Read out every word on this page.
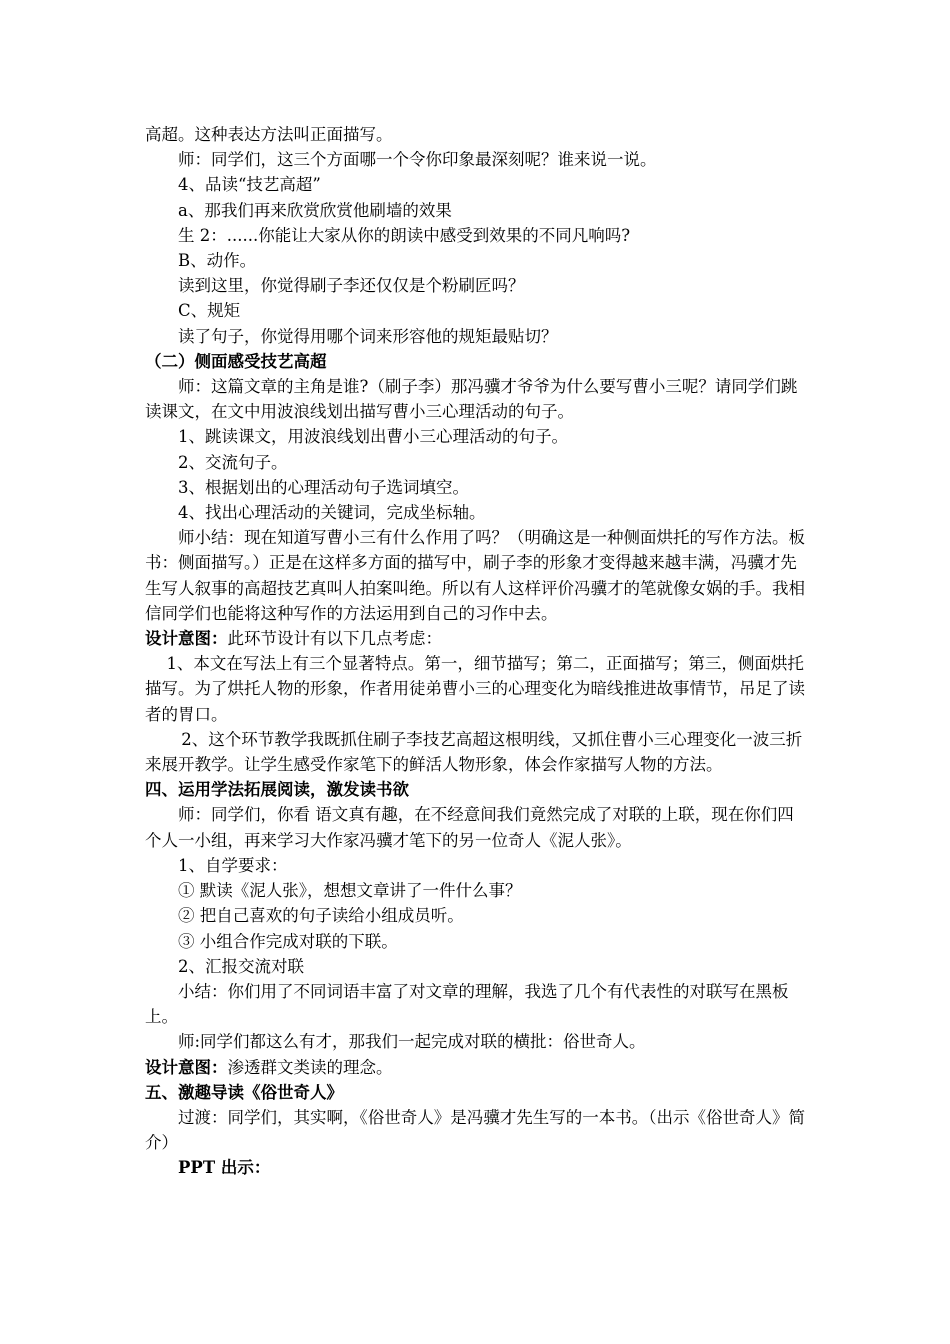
高超。这种表达方法叫正面描写。

师：同学们，这三个方面哪一个令你印象最深刻呢？谁来说一说。

4、品读“技艺高超”

a、那我们再来欣赏欣赏他刷墙的效果

生 2：......你能让大家从你的朗读中感受到效果的不同凡响吗?

B、动作。

读到这里，你觉得刷子李还仅仅是个粉刷匠吗？

C、规矩

读了句子，你觉得用哪个词来形容他的规矩最贴切？

（二）侧面感受技艺高超

师：这篇文章的主角是谁?（刷子李）那冯骥才爷爷为什么要写曹小三呢？请同学们跳读课文，在文中用波浪线划出描写曹小三心理活动的句子。

1、跳读课文，用波浪线划出曹小三心理活动的句子。

2、交流句子。

3、根据划出的心理活动句子选词填空。

4、找出心理活动的关键词，完成坐标轴。

师小结：现在知道写曹小三有什么作用了吗？（明确这是一种侧面烘托的写作方法。板书：侧面描写。）正是在这样多方面的描写中，刷子李的形象才变得越来越丰满，冯骥才先生写人叙事的高超技艺真叫人拍案叫绝。所以有人这样评价冯骥才的笔就像女娲的手。我相信同学们也能将这种写作的方法运用到自己的习作中去。

设计意图：此环节设计有以下几点考虑：

1、本文在写法上有三个显著特点。第一，细节描写；第二，正面描写；第三，侧面烘托描写。为了烘托人物的形象，作者用徒弟曹小三的心理变化为暗线推进故事情节，吊足了读者的胃口。

2、这个环节教学我既抓住刷子李技艺高超这根明线，又抓住曹小三心理变化一波三折来展开教学。让学生感受作家笔下的鲜活人物形象，体会作家描写人物的方法。

四、运用学法拓展阅读，激发读书欲

师：同学们，你看 语文真有趣，在不经意间我们竟然完成了对联的上联，现在你们四个人一小组，再来学习大作家冯骥才笔下的另一位奇人《泥人张》。

1、自学要求：

① 默读《泥人张》，想想文章讲了一件什么事？

② 把自己喜欢的句子读给小组成员听。

③ 小组合作完成对联的下联。

2、汇报交流对联

小结：你们用了不同词语丰富了对文章的理解，我选了几个有代表性的对联写在黑板上。

师:同学们都这么有才，那我们一起完成对联的横批：俗世奇人。

设计意图：渗透群文类读的理念。

五、激趣导读《俗世奇人》

过渡：同学们，其实啊，《俗世奇人》是冯骥才先生写的一本书。（出示《俗世奇人》简介）

PPT 出示：
